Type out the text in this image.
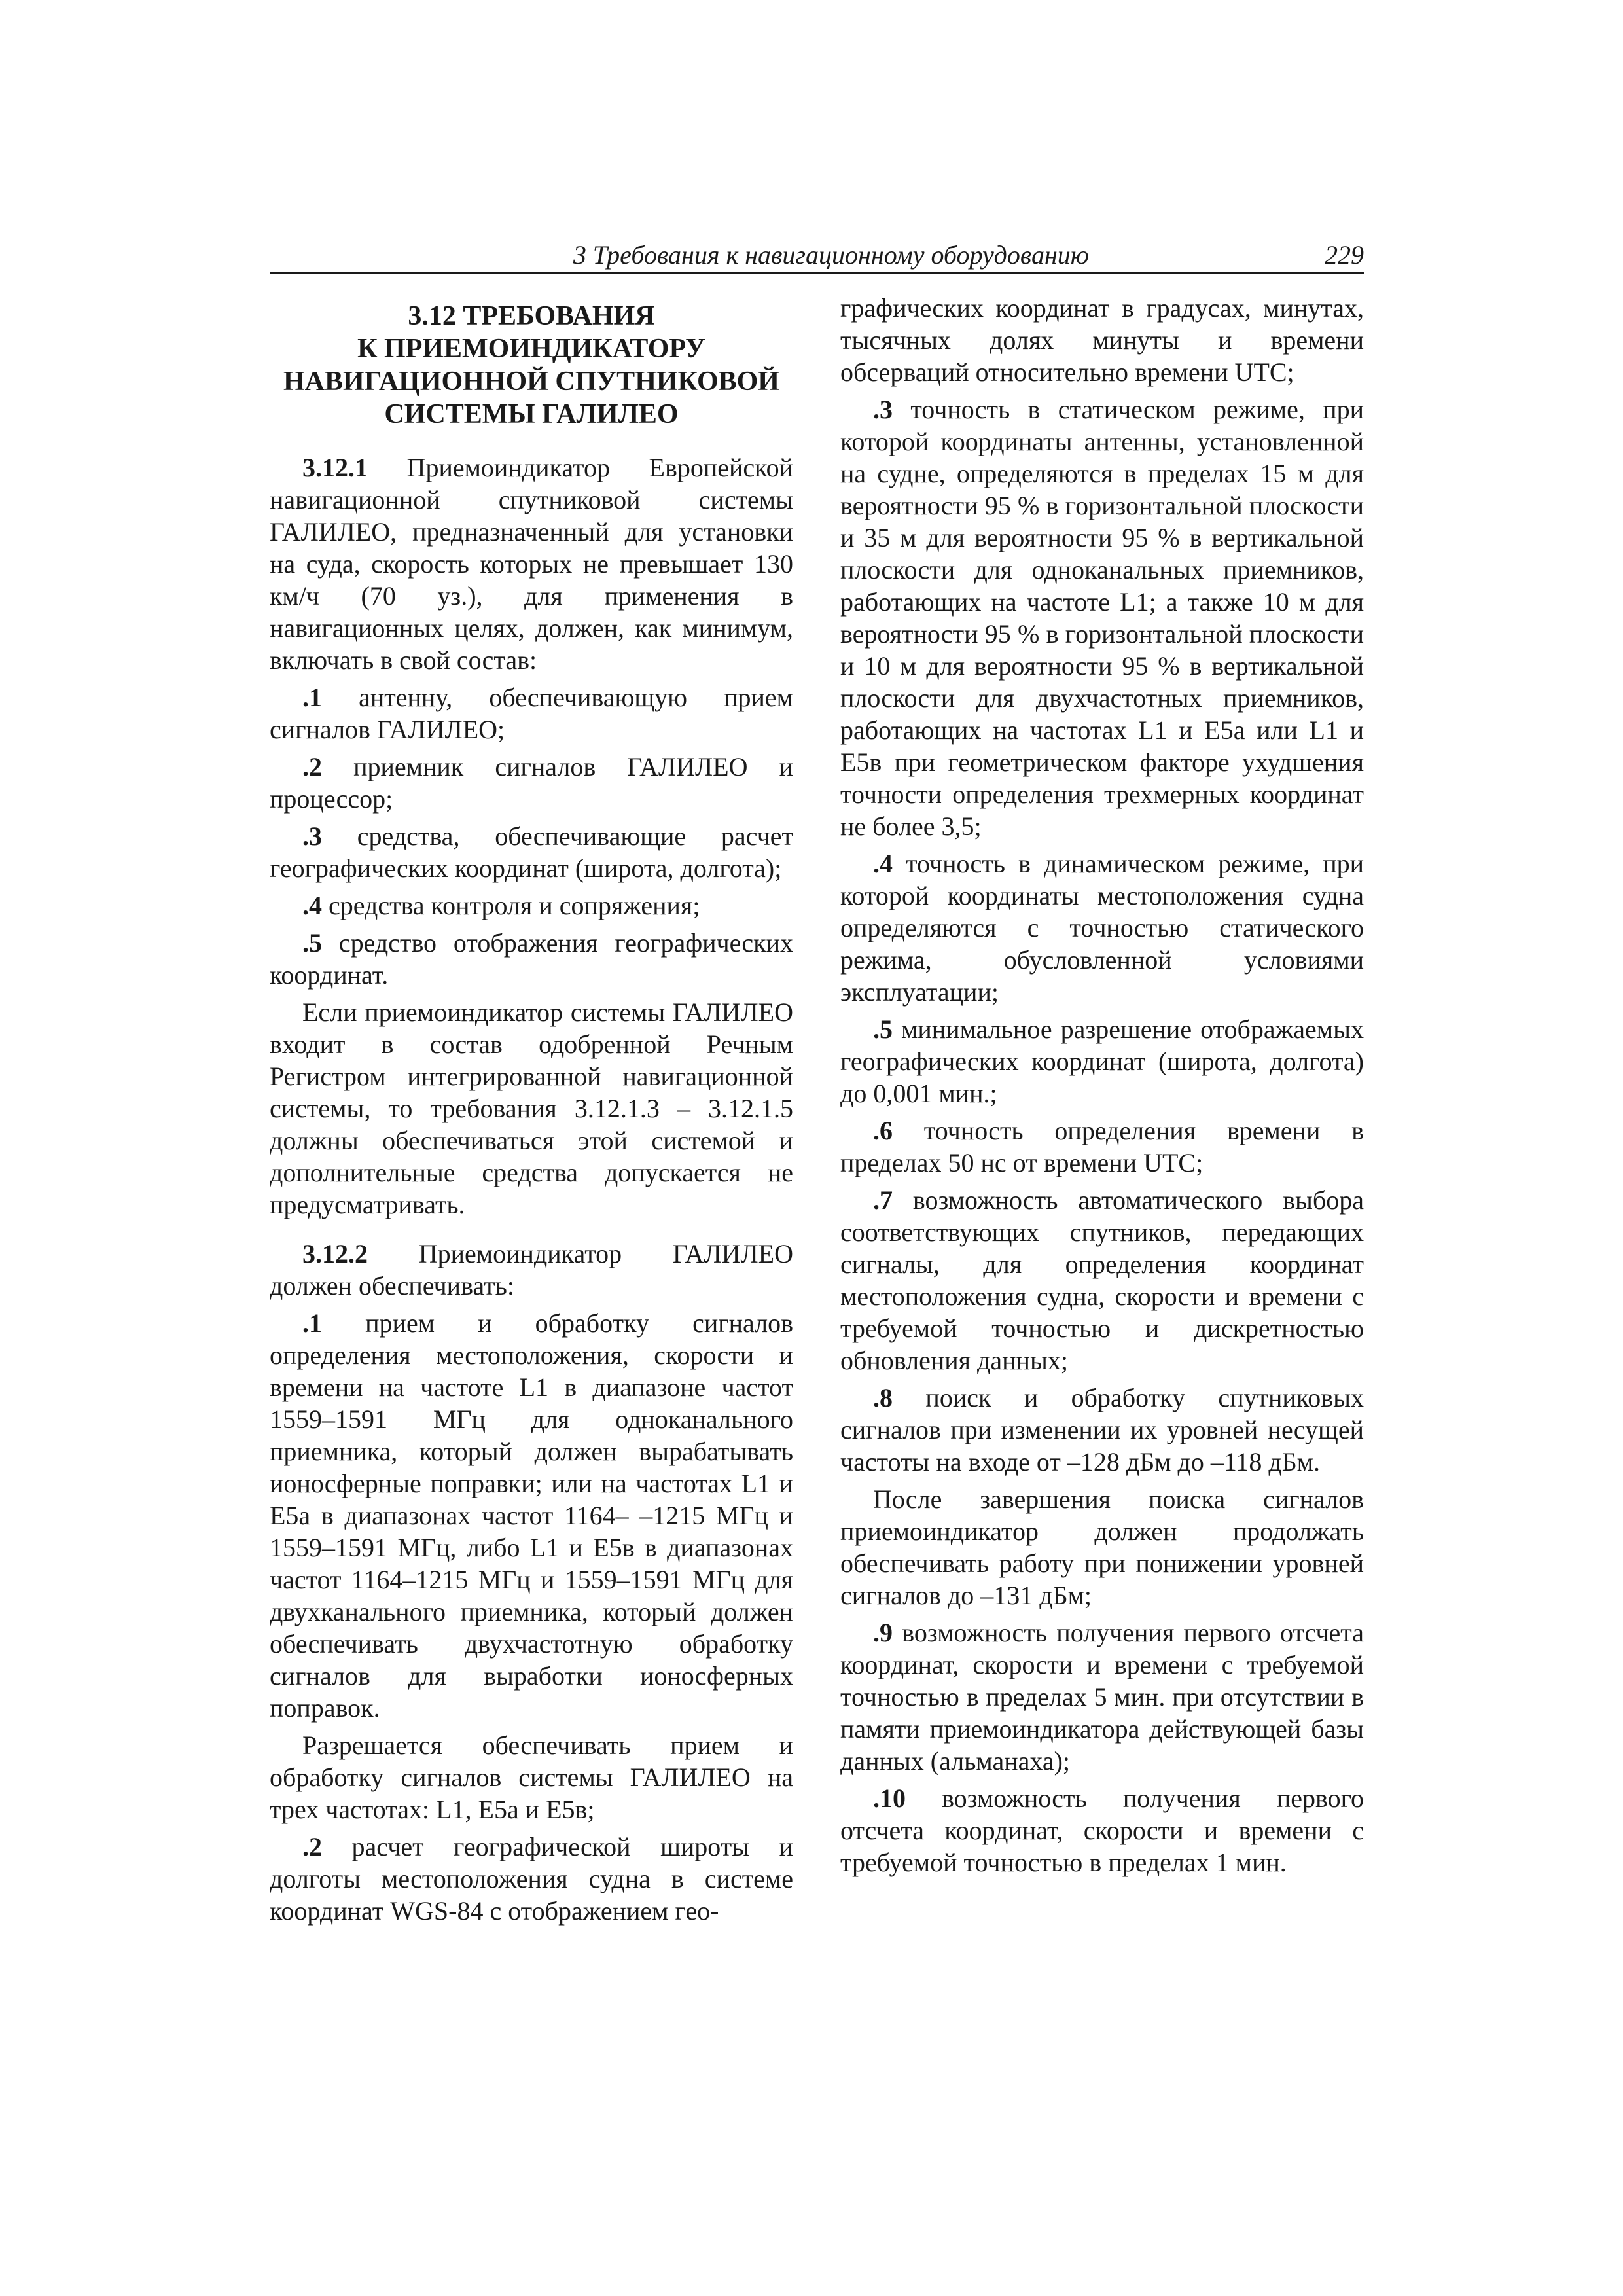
3 Требования к навигационному оборудованию	229
3.12 ТРЕБОВАНИЯ
К ПРИЕМОИНДИКАТОРУ
НАВИГАЦИОННОЙ СПУТНИКОВОЙ
СИСТЕМЫ ГАЛИЛЕО

3.12.1 Приемоиндикатор Европейской навигационной спутниковой системы ГАЛИЛЕО, предназначенный для установки на суда, скорость которых не превышает 130 км/ч (70 уз.), для применения в навигационных целях, должен, как минимум, включать в свой состав:

.1 антенну, обеспечивающую прием сигналов ГАЛИЛЕО;

.2 приемник сигналов ГАЛИЛЕО и процессор;

.3 средства, обеспечивающие расчет географических координат (широта, долгота);

.4 средства контроля и сопряжения;

.5 средство отображения географических координат.

Если приемоиндикатор системы ГАЛИЛЕО входит в состав одобренной Речным Регистром интегрированной навигационной системы, то требования 3.12.1.3 – 3.12.1.5 должны обеспечиваться этой системой и дополнительные средства допускается не предусматривать.

3.12.2 Приемоиндикатор ГАЛИЛЕО должен обеспечивать:

.1 прием и обработку сигналов определения местоположения, скорости и времени на частоте L1 в диапазоне частот 1559–1591 МГц для одноканального приемника, который должен вырабатывать ионосферные поправки; или на частотах L1 и E5a в диапазонах частот 1164– –1215 МГц и 1559–1591 МГц, либо L1 и E5в в диапазонах частот 1164–1215 МГц и 1559–1591 МГц для двухканального приемника, который должен обеспечивать двухчастотную обработку сигналов для выработки ионосферных поправок.

Разрешается обеспечивать прием и обработку сигналов системы ГАЛИЛЕО на трех частотах: L1, E5a и E5в;

.2 расчет географической широты и долготы местоположения судна в системе координат WGS-84 с отображением гео-

графических координат в градусах, минутах, тысячных долях минуты и времени обсерваций относительно времени UTC;

.3 точность в статическом режиме, при которой координаты антенны, установленной на судне, определяются в пределах 15 м для вероятности 95 % в горизонтальной плоскости и 35 м для вероятности 95 % в вертикальной плоскости для одноканальных приемников, работающих на частоте L1; а также 10 м для вероятности 95 % в горизонтальной плоскости и 10 м для вероятности 95 % в вертикальной плоскости для двухчастотных приемников, работающих на частотах L1 и E5a или L1 и E5в при геометрическом факторе ухудшения точности определения трехмерных координат не более 3,5;

.4 точность в динамическом режиме, при которой координаты местоположения судна определяются с точностью статического режима, обусловленной условиями эксплуатации;

.5 минимальное разрешение отображаемых географических координат (широта, долгота) до 0,001 мин.;

.6 точность определения времени в пределах 50 нс от времени UTC;

.7 возможность автоматического выбора соответствующих спутников, передающих сигналы, для определения координат местоположения судна, скорости и времени с требуемой точностью и дискретностью обновления данных;

.8 поиск и обработку спутниковых сигналов при изменении их уровней несущей частоты на входе от –128 дБм до –118 дБм.

После завершения поиска сигналов приемоиндикатор должен продолжать обеспечивать работу при понижении уровней сигналов до –131 дБм;

.9 возможность получения первого отсчета координат, скорости и времени с требуемой точностью в пределах 5 мин. при отсутствии в памяти приемоиндикатора действующей базы данных (альманаха);

.10 возможность получения первого отсчета координат, скорости и времени с требуемой точностью в пределах 1 мин.
